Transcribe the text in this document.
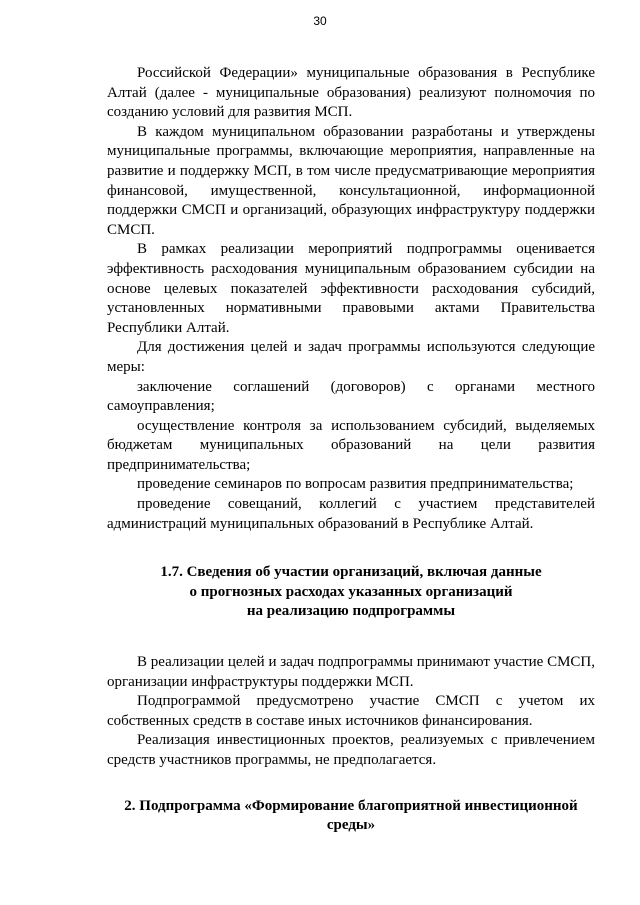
30

Российской Федерации» муниципальные образования в Республике Алтай (далее - муниципальные образования) реализуют полномочия по созданию условий для развития МСП.

В каждом муниципальном образовании разработаны и утверждены муниципальные программы, включающие мероприятия, направленные на развитие и поддержку МСП, в том числе предусматривающие мероприятия финансовой, имущественной, консультационной, информационной поддержки СМСП и организаций, образующих инфраструктуру поддержки СМСП.

В рамках реализации мероприятий подпрограммы оценивается эффективность расходования муниципальным образованием субсидии на основе целевых показателей эффективности расходования субсидий, установленных нормативными правовыми актами Правительства Республики Алтай.

Для достижения целей и задач программы используются следующие меры:

заключение соглашений (договоров) с органами местного самоуправления;

осуществление контроля за использованием субсидий, выделяемых бюджетам муниципальных образований на цели развития предпринимательства;

проведение семинаров по вопросам развития предпринимательства;

проведение совещаний, коллегий с участием представителей администраций муниципальных образований в Республике Алтай.

1.7. Сведения об участии организаций, включая данные
о прогнозных расходах указанных организаций
на реализацию подпрограммы

В реализации целей и задач подпрограммы принимают участие СМСП, организации инфраструктуры поддержки МСП.

Подпрограммой предусмотрено участие СМСП с учетом их собственных средств в составе иных источников финансирования.

Реализация инвестиционных проектов, реализуемых с привлечением средств участников программы, не предполагается.

2. Подпрограмма «Формирование благоприятной инвестиционной
среды»
